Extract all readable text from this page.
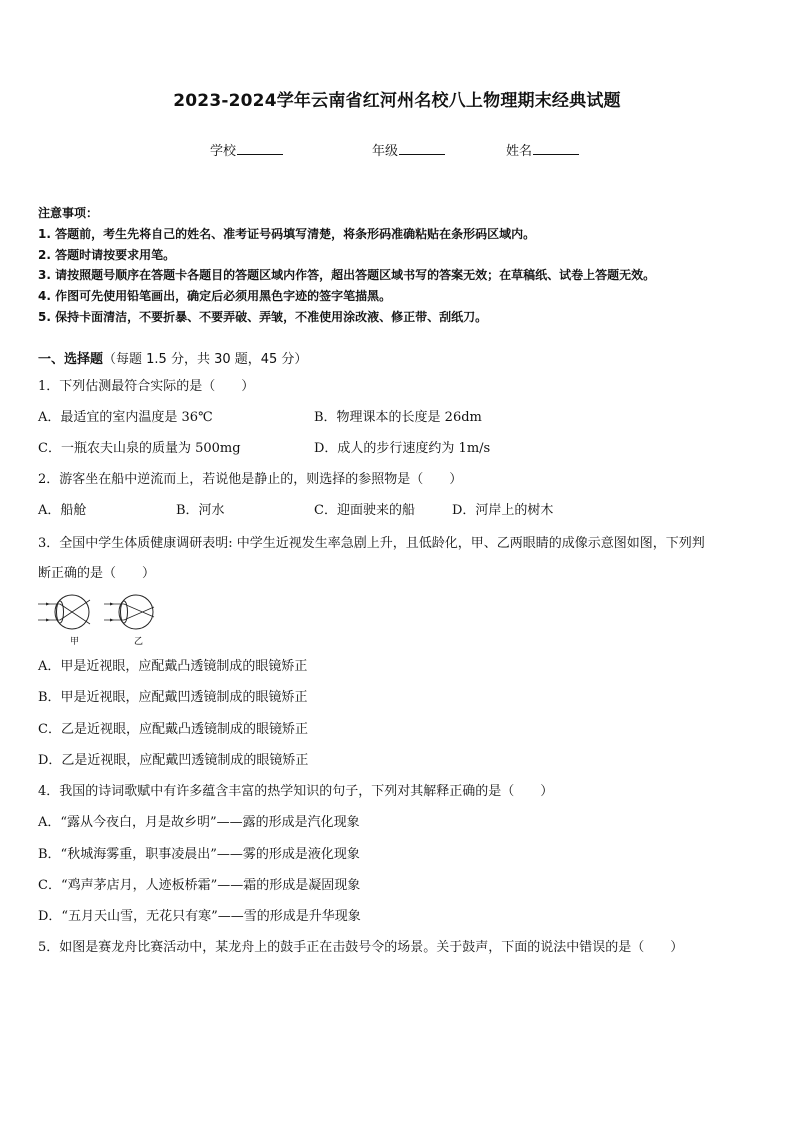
2023-2024学年云南省红河州名校八上物理期末经典试题
学校	年级	姓名
注意事项：
1. 答题前，考生先将自己的姓名、准考证号码填写清楚，将条形码准确粘贴在条形码区域内。
2. 答题时请按要求用笔。
3. 请按照题号顺序在答题卡各题目的答题区域内作答，超出答题区域书写的答案无效；在草稿纸、试卷上答题无效。
4. 作图可先使用铅笔画出，确定后必须用黑色字迹的签字笔描黑。
5. 保持卡面清洁，不要折暴、不要弄破、弄皱，不准使用涂改液、修正带、刮纸刀。
一、选择题（每题 1.5 分，共 30 题，45 分）
1．下列估测最符合实际的是（　　）
A．最适宜的室内温度是 36℃	B．物理课本的长度是 26dm
C．一瓶农夫山泉的质量为 500mg	D．成人的步行速度约为 1m/s
2．游客坐在船中逆流而上，若说他是静止的，则选择的参照物是（　　）
A．船舱	B．河水	C．迎面驶来的船	D．河岸上的树木
3．全国中学生体质健康调研表明: 中学生近视发生率急剧上升，且低龄化，甲、乙两眼睛的成像示意图如图，下列判
断正确的是（　　）
甲	乙
A．甲是近视眼，应配戴凸透镜制成的眼镜矫正
B．甲是近视眼，应配戴凹透镜制成的眼镜矫正
C．乙是近视眼，应配戴凸透镜制成的眼镜矫正
D．乙是近视眼，应配戴凹透镜制成的眼镜矫正
4．我国的诗词歌赋中有许多蕴含丰富的热学知识的句子，下列对其解释正确的是（　　）
A．“露从今夜白，月是故乡明”——露的形成是汽化现象
B．“秋城海雾重，职事凌晨出”——雾的形成是液化现象
C．“鸡声茅店月，人迹板桥霜”——霜的形成是凝固现象
D．“五月天山雪，无花只有寒”——雪的形成是升华现象
5．如图是赛龙舟比赛活动中，某龙舟上的鼓手正在击鼓号令的场景。关于鼓声，下面的说法中错误的是（　　）
